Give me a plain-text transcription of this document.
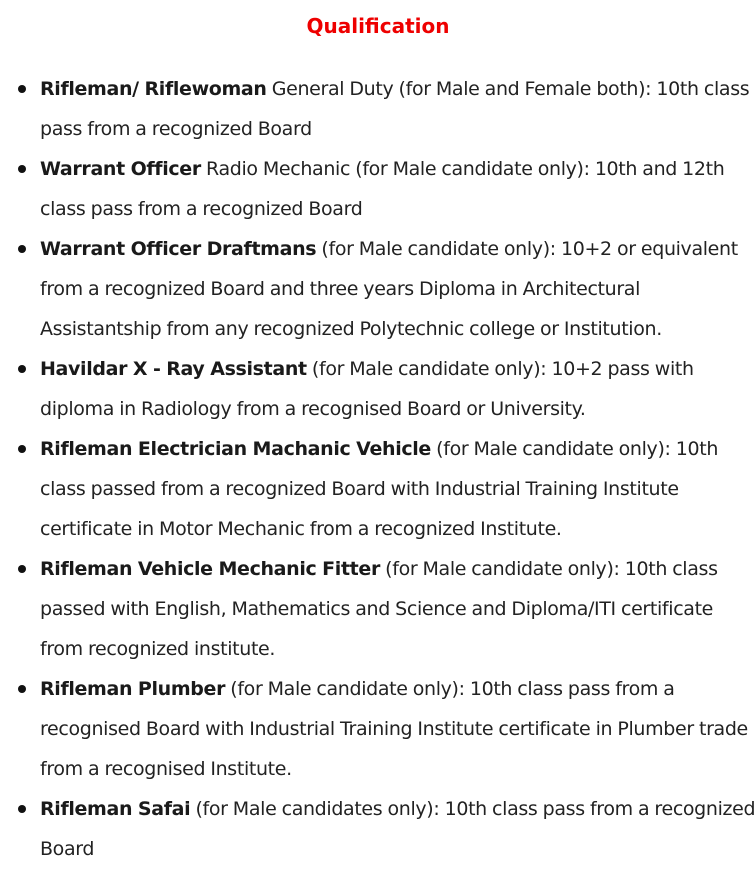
Qualification
Rifleman/ Riflewoman General Duty (for Male and Female both): 10th class pass from a recognized Board
Warrant Officer Radio Mechanic (for Male candidate only): 10th and 12th class pass from a recognized Board
Warrant Officer Draftmans (for Male candidate only): 10+2 or equivalent from a recognized Board and three years Diploma in Architectural Assistantship from any recognized Polytechnic college or Institution.
Havildar X - Ray Assistant (for Male candidate only): 10+2 pass with diploma in Radiology from a recognised Board or University.
Rifleman Electrician Machanic Vehicle (for Male candidate only): 10th class passed from a recognized Board with Industrial Training Institute certificate in Motor Mechanic from a recognized Institute.
Rifleman Vehicle Mechanic Fitter (for Male candidate only): 10th class passed with English, Mathematics and Science and Diploma/ITI certificate from recognized institute.
Rifleman Plumber (for Male candidate only): 10th class pass from a recognised Board with Industrial Training Institute certificate in Plumber trade from a recognised Institute.
Rifleman Safai (for Male candidates only): 10th class pass from a recognized Board
